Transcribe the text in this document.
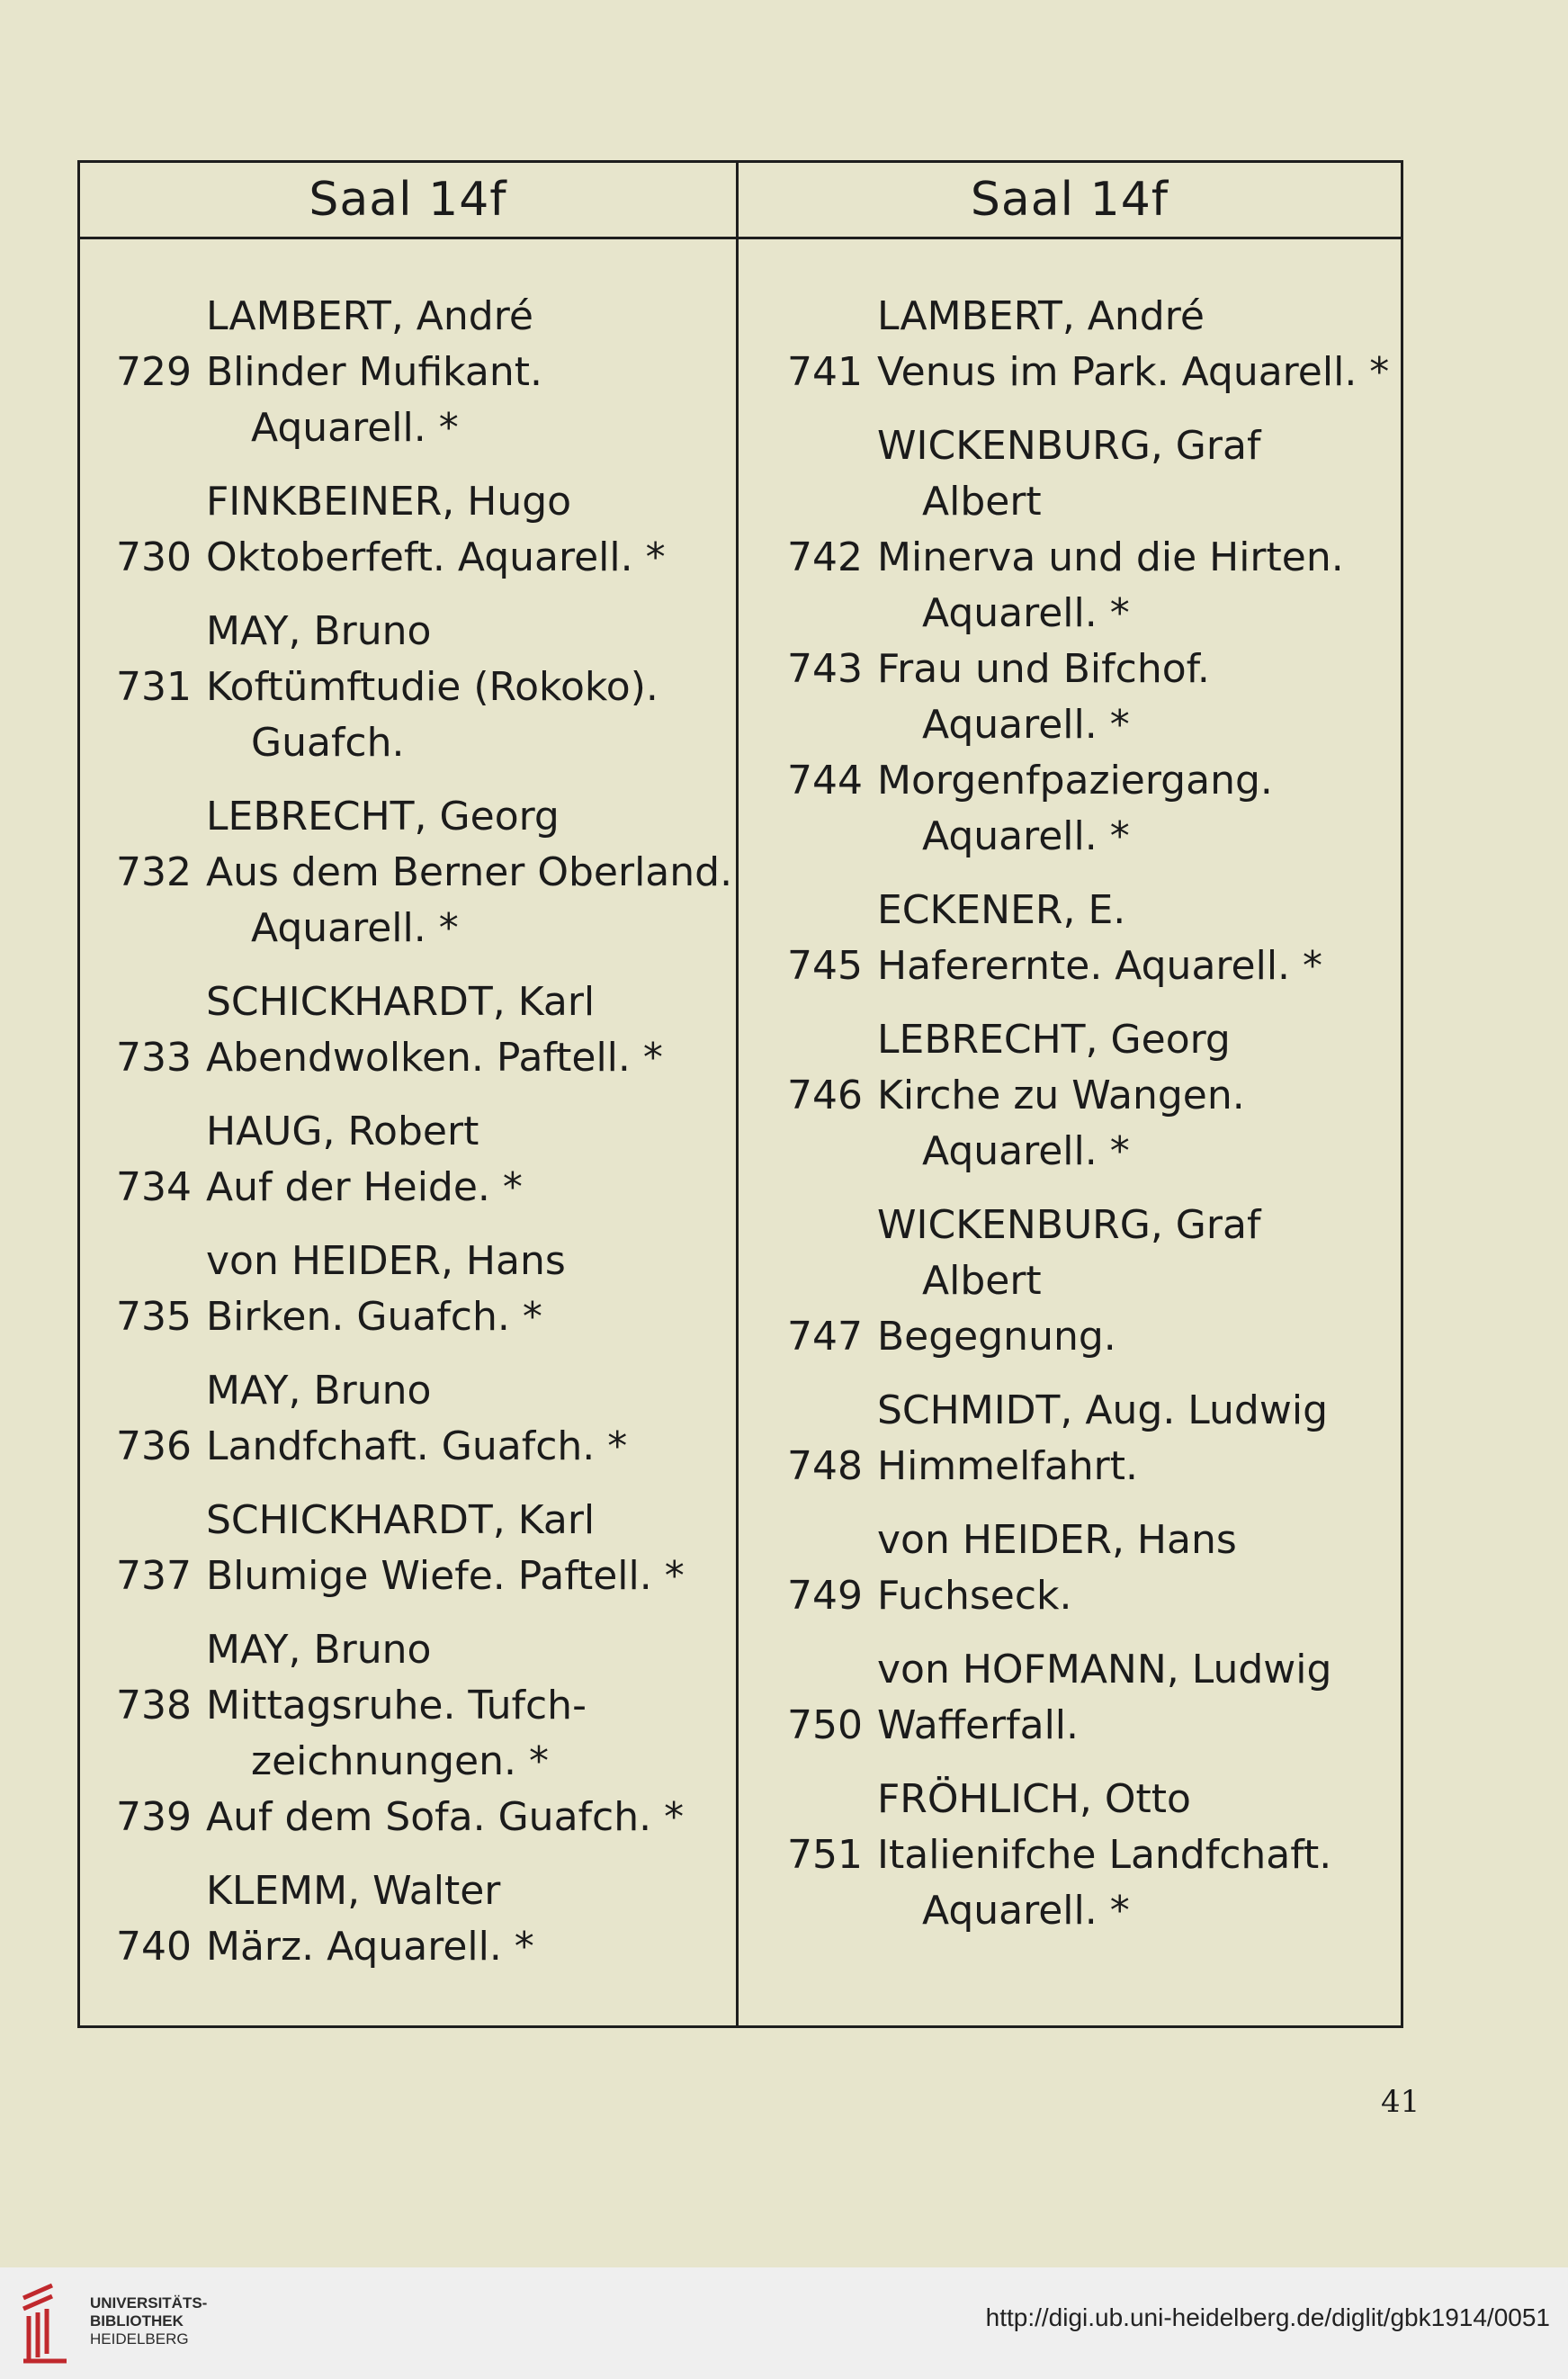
Saal 14f	Saal 14f
LAMBERT, André
729 Blinder Mufikant.
Aquarell. *
FINKBEINER, Hugo
730 Oktoberfeft. Aquarell. *
MAY, Bruno
731 Koftümftudie (Rokoko).
Guafch.
LEBRECHT, Georg
732 Aus dem Berner Oberland.
Aquarell. *
SCHICKHARDT, Karl
733 Abendwolken. Paftell. *
HAUG, Robert
734 Auf der Heide. *
von HEIDER, Hans
735 Birken. Guafch. *
MAY, Bruno
736 Landfchaft. Guafch. *
SCHICKHARDT, Karl
737 Blumige Wiefe. Paftell. *
MAY, Bruno
738 Mittagsruhe. Tufch-
zeichnungen. *
739 Auf dem Sofa. Guafch. *
KLEMM, Walter
740 März. Aquarell. *
LAMBERT, André
741 Venus im Park. Aquarell. *
WICKENBURG, Graf
Albert
742 Minerva und die Hirten.
Aquarell. *
743 Frau und Bifchof.
Aquarell. *
744 Morgenfpaziergang.
Aquarell. *
ECKENER, E.
745 Haferernte. Aquarell. *
LEBRECHT, Georg
746 Kirche zu Wangen.
Aquarell. *
WICKENBURG, Graf
Albert
747 Begegnung.
SCHMIDT, Aug. Ludwig
748 Himmelfahrt.
von HEIDER, Hans
749 Fuchseck.
von HOFMANN, Ludwig
750 Wafferfall.
FRÖHLICH, Otto
751 Italienifche Landfchaft.
Aquarell. *
41
UNIVERSITÄTS-
BIBLIOTHEK
HEIDELBERG
http://digi.ub.uni-heidelberg.de/diglit/gbk1914/0051
